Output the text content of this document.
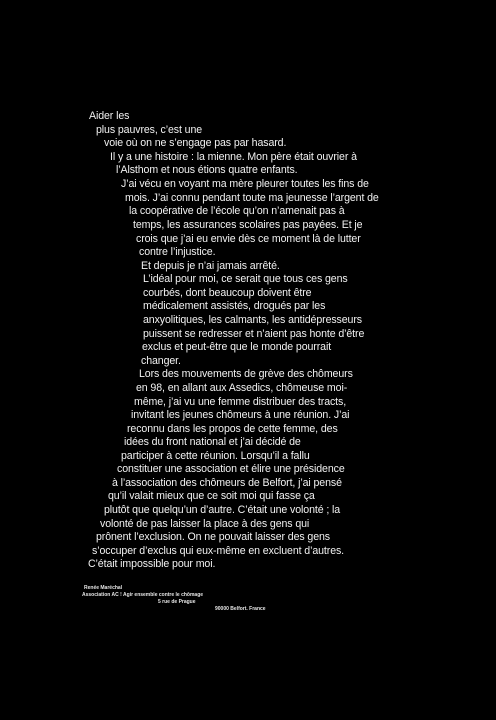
Aider les
plus pauvres, c’est une
voie où on ne s’engage pas par hasard.
Il y a une histoire : la mienne. Mon père était ouvrier à
l’Alsthom et nous étions quatre enfants.
J’ai vécu en voyant ma mère pleurer toutes les fins de
mois. J’ai connu pendant toute ma jeunesse l’argent de
la coopérative de l’école qu’on n’amenait pas à
temps, les assurances scolaires pas payées. Et je
crois que j’ai eu envie dès ce moment là de lutter
contre l’injustice.
Et depuis je n’ai jamais arrêté.
L’idéal pour moi, ce serait que tous ces gens
courbés, dont beaucoup doivent être
médicalement assistés, drogués par les
anxyolitiques, les calmants, les antidépresseurs
puissent se redresser et n’aient pas honte d’être
exclus et peut-être que le monde pourrait
changer.
Lors des mouvements de grève des chômeurs
en 98, en allant aux Assedics, chômeuse moi-
même, j’ai vu une femme distribuer des tracts,
invitant les jeunes chômeurs à une réunion. J’ai
reconnu dans les propos de cette femme, des
idées du front national et j’ai décidé de
participer à cette réunion. Lorsqu’il a fallu
constituer une association et élire une présidence
à l’association des chômeurs de Belfort, j’ai pensé
qu’il valait mieux que ce soit moi qui fasse ça
plutôt que quelqu’un d’autre. C’était une volonté ; la
volonté de pas laisser la place à des gens qui
prônent l’exclusion. On ne pouvait laisser des gens
s’occuper d’exclus qui eux-même en excluent d’autres.
C’était impossible pour moi.
Renée Maréchal
Association AC ! Agir ensemble contre le chômage
5 rue de Prague
90000 Belfort. France
